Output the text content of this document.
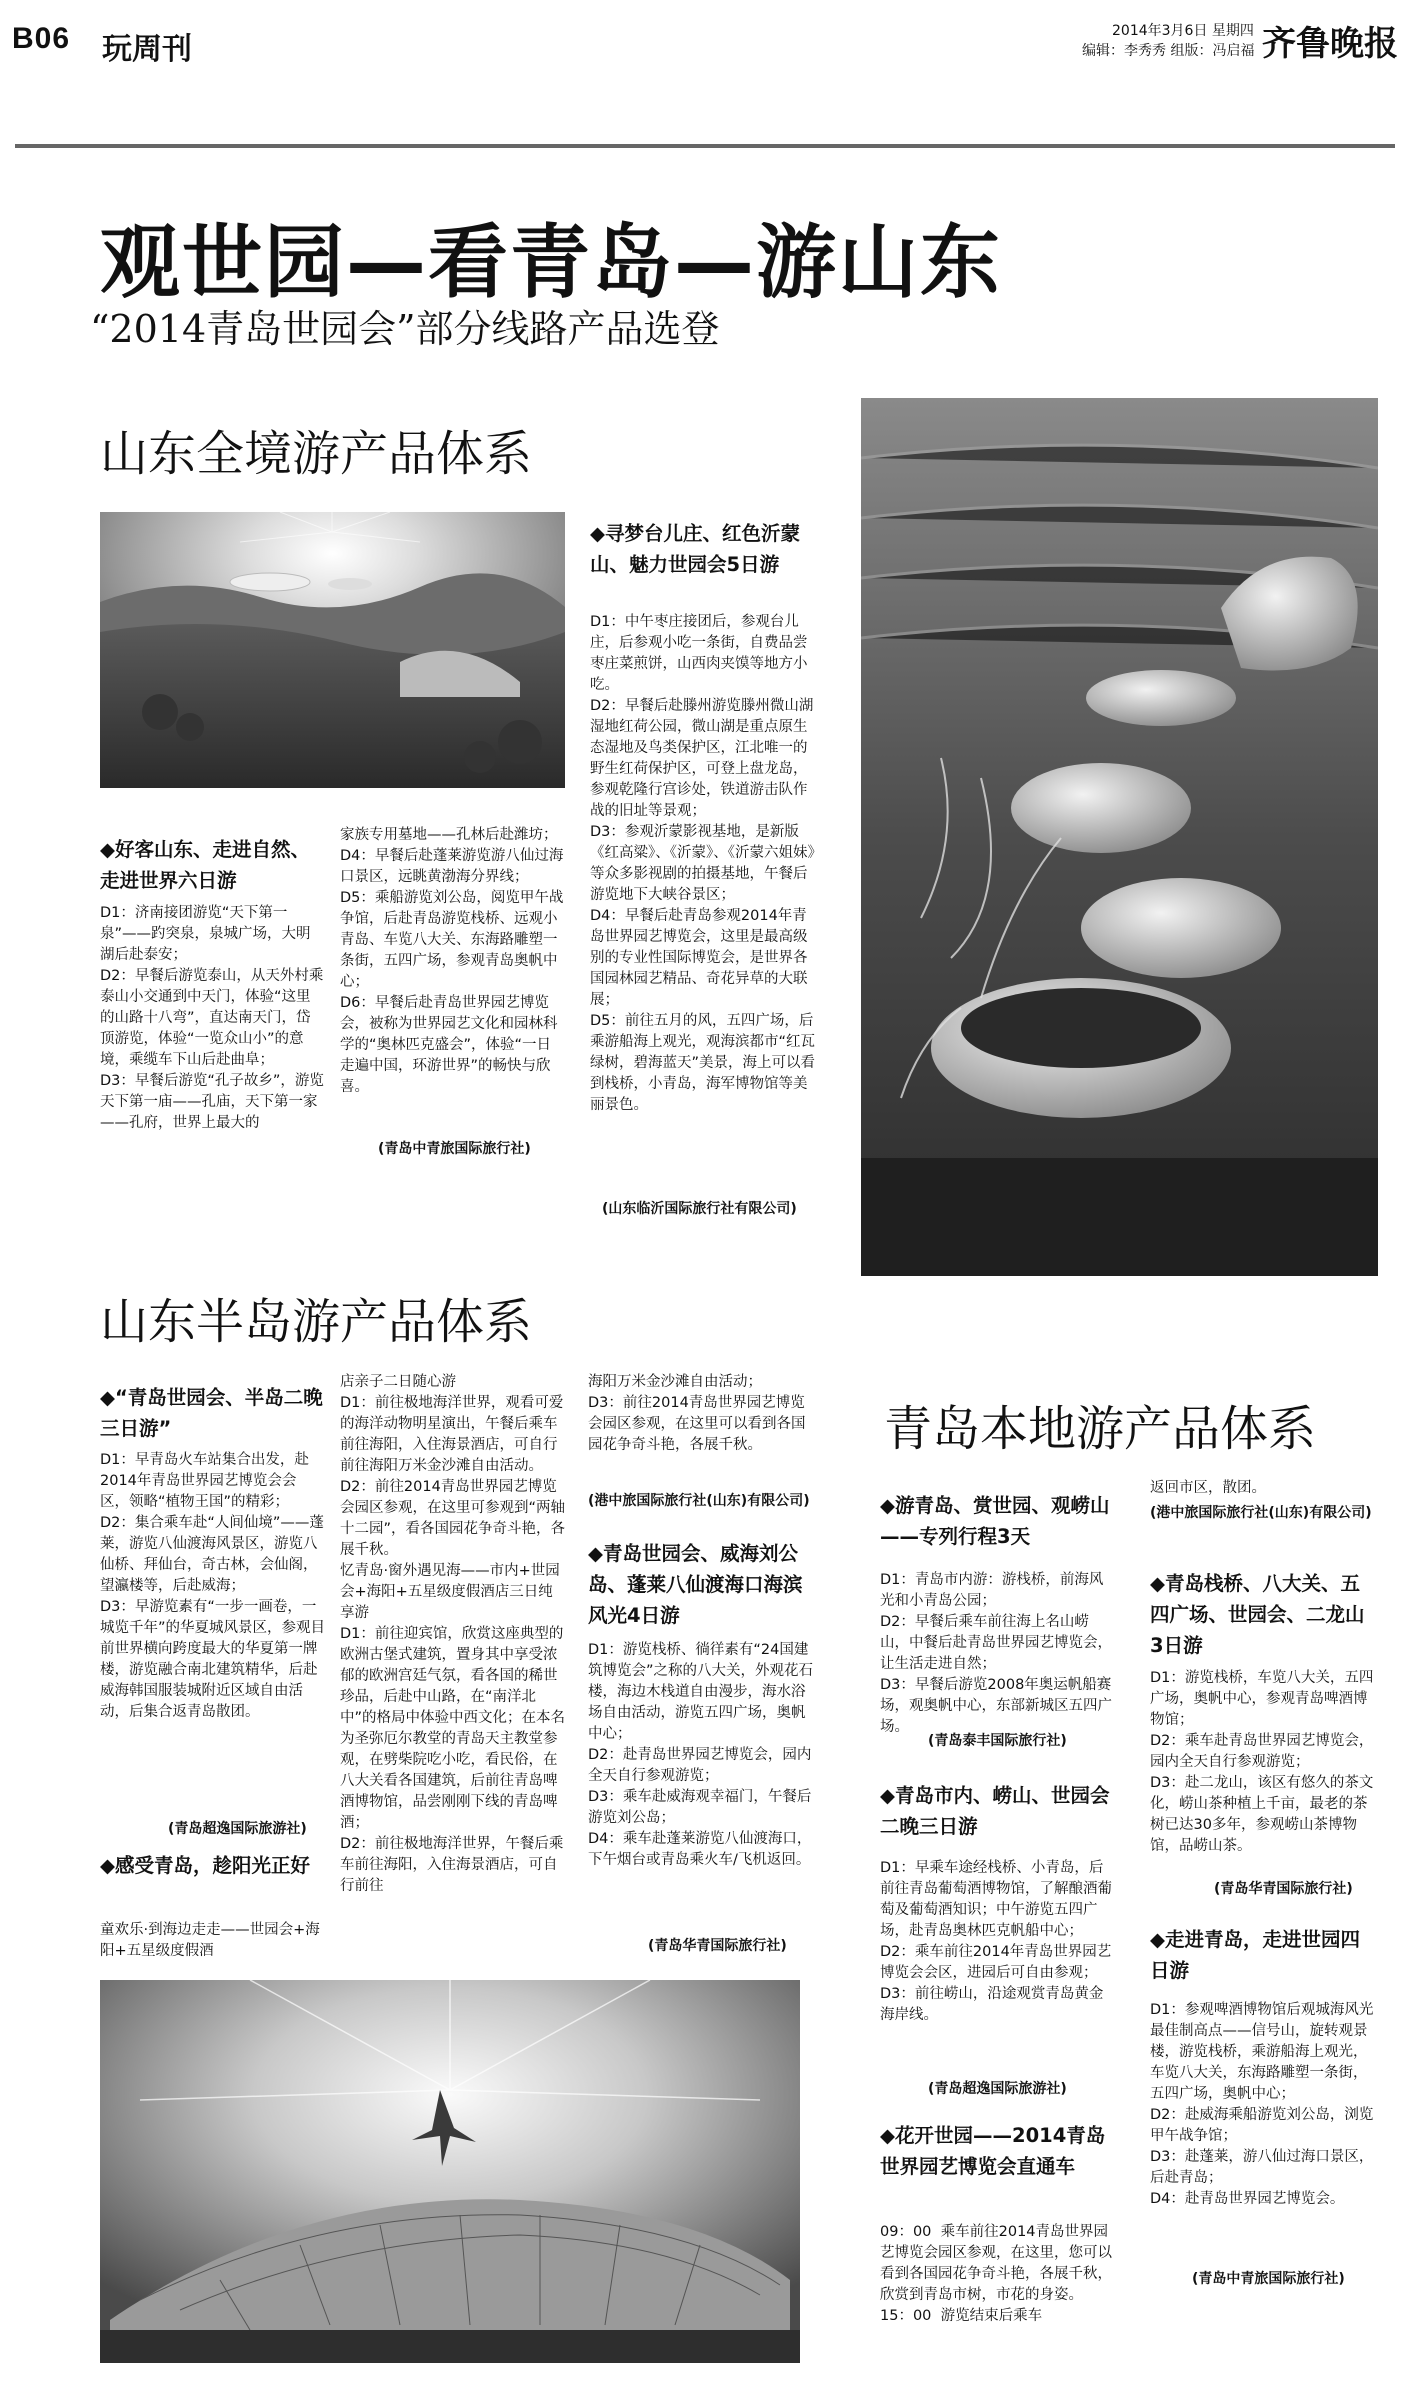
B06 玩周刊
2014年3月6日 星期四
编辑：李秀秀 组版：冯启福 齐鲁晚报
观世园—看青岛—游山东
“2014青岛世园会”部分线路产品选登
山东全境游产品体系
山东半岛游产品体系
青岛本地游产品体系
◆好客山东、走进自然、走进世界六日游
D1：济南接团游览“天下第一泉”——趵突泉，泉城广场，大明湖后赴泰安；
D2：早餐后游览泰山，从天外村乘泰山小交通到中天门，体验“这里的山路十八弯”，直达南天门，岱顶游览，体验“一览众山小”的意境，乘缆车下山后赴曲阜；
D3：早餐后游览“孔子故乡”，游览天下第一庙——孔庙，天下第一家——孔府，世界上最大的
家族专用墓地——孔林后赴潍坊；
D4：早餐后赴蓬莱游览游八仙过海口景区，远眺黄渤海分界线；
D5：乘船游览刘公岛，阅览甲午战争馆，后赴青岛游览栈桥、远观小青岛、车览八大关、东海路雕塑一条街，五四广场，参观青岛奥帆中心；
D6：早餐后赴青岛世界园艺博览会，被称为世界园艺文化和园林科学的“奥林匹克盛会”，体验“一日走遍中国，环游世界”的畅快与欣喜。
(青岛中青旅国际旅行社)
◆寻梦台儿庄、红色沂蒙山、魅力世园会5日游
D1：中午枣庄接团后，参观台儿庄，后参观小吃一条街，自费品尝枣庄菜煎饼，山西肉夹馍等地方小吃。
D2：早餐后赴滕州游览滕州微山湖湿地红荷公园，微山湖是重点原生态湿地及鸟类保护区，江北唯一的野生红荷保护区，可登上盘龙岛，参观乾隆行宫诊处，铁道游击队作战的旧址等景观；
D3：参观沂蒙影视基地，是新版《红高粱》、《沂蒙》、《沂蒙六姐妹》等众多影视剧的拍摄基地，午餐后游览地下大峡谷景区；
D4：早餐后赴青岛参观2014年青岛世界园艺博览会，这里是最高级别的专业性国际博览会，是世界各国园林园艺精品、奇花异草的大联展；
D5：前往五月的风，五四广场，后乘游船海上观光，观海滨都市“红瓦绿树，碧海蓝天”美景，海上可以看到栈桥，小青岛，海军博物馆等美丽景色。
(山东临沂国际旅行社有限公司)
◆“青岛世园会、半岛二晚三日游”
D1：早青岛火车站集合出发，赴2014年青岛世界园艺博览会会区，领略“植物王国”的精彩；
D2：集合乘车赴“人间仙境”——蓬莱，游览八仙渡海风景区，游览八仙桥、拜仙台，奇古林，会仙阁，望瀛楼等，后赴威海；
D3：早游览素有“一步一画卷，一城览千年”的华夏城风景区，参观目前世界横向跨度最大的华夏第一牌楼，游览融合南北建筑精华，后赴威海韩国服装城附近区域自由活动，后集合返青岛散团。
(青岛超逸国际旅游社)
◆感受青岛，趁阳光正好
童欢乐·到海边走走——世园会+海阳+五星级度假酒
店亲子二日随心游
D1：前往极地海洋世界，观看可爱的海洋动物明星演出，午餐后乘车前往海阳，入住海景酒店，可自行前往海阳万米金沙滩自由活动。
D2：前往2014青岛世界园艺博览会园区参观，在这里可参观到“两轴十二园”，看各国园花争奇斗艳，各展千秋。
忆青岛·窗外遇见海——市内+世园会+海阳+五星级度假酒店三日纯享游
D1：前往迎宾馆，欣赏这座典型的欧洲古堡式建筑，置身其中享受浓郁的欧洲宫廷气氛，看各国的稀世珍品，后赴中山路，在“南洋北中”的格局中体验中西文化；在本名为圣弥厄尔教堂的青岛天主教堂参观，在劈柴院吃小吃，看民俗，在八大关看各国建筑，后前往青岛啤酒博物馆，品尝刚刚下线的青岛啤酒；
D2：前往极地海洋世界，午餐后乘车前往海阳，入住海景酒店，可自行前往
海阳万米金沙滩自由活动；
D3：前往2014青岛世界园艺博览会园区参观，在这里可以看到各国园花争奇斗艳，各展千秋。
(港中旅国际旅行社(山东)有限公司)
◆青岛世园会、威海刘公岛、蓬莱八仙渡海口海滨风光4日游
D1：游览栈桥、徜徉素有“24国建筑博览会”之称的八大关，外观花石楼，海边木栈道自由漫步，海水浴场自由活动，游览五四广场，奥帆中心；
D2：赴青岛世界园艺博览会，园内全天自行参观游览；
D3：乘车赴威海观幸福门，午餐后游览刘公岛；
D4：乘车赴蓬莱游览八仙渡海口，下午烟台或青岛乘火车/飞机返回。
(青岛华青国际旅行社)
◆游青岛、赏世园、观崂山——专列行程3天
D1：青岛市内游：游栈桥，前海风光和小青岛公园；
D2：早餐后乘车前往海上名山崂山，中餐后赴青岛世界园艺博览会，让生活走进自然；
D3：早餐后游览2008年奥运帆船赛场，观奥帆中心，东部新城区五四广场。
(青岛泰丰国际旅行社)
◆青岛市内、崂山、世园会二晚三日游
D1：早乘车途经栈桥、小青岛，后前往青岛葡萄酒博物馆，了解酿酒葡萄及葡萄酒知识；中午游览五四广场，赴青岛奥林匹克帆船中心；
D2：乘车前往2014年青岛世界园艺博览会会区，进园后可自由参观；
D3：前往崂山，沿途观赏青岛黄金海岸线。
(青岛超逸国际旅游社)
◆花开世园——2014青岛世界园艺博览会直通车
09：00  乘车前往2014青岛世界园艺博览会园区参观，在这里，您可以看到各国园花争奇斗艳，各展千秋，欣赏到青岛市树，市花的身姿。
15：00  游览结束后乘车
返回市区，散团。
(港中旅国际旅行社(山东)有限公司)
◆青岛栈桥、八大关、五四广场、世园会、二龙山3日游
D1：游览栈桥，车览八大关，五四广场，奥帆中心，参观青岛啤酒博物馆；
D2：乘车赴青岛世界园艺博览会，园内全天自行参观游览；
D3：赴二龙山，该区有悠久的茶文化，崂山茶种植上千亩，最老的茶树已达30多年，参观崂山茶博物馆，品崂山茶。
(青岛华青国际旅行社)
◆走进青岛，走进世园四日游
D1：参观啤酒博物馆后观城海风光最佳制高点——信号山，旋转观景楼，游览栈桥，乘游船海上观光，车览八大关，东海路雕塑一条街，五四广场，奥帆中心；
D2：赴威海乘船游览刘公岛，浏览甲午战争馆；
D3：赴蓬莱，游八仙过海口景区，后赴青岛；
D4：赴青岛世界园艺博览会。
(青岛中青旅国际旅行社)
